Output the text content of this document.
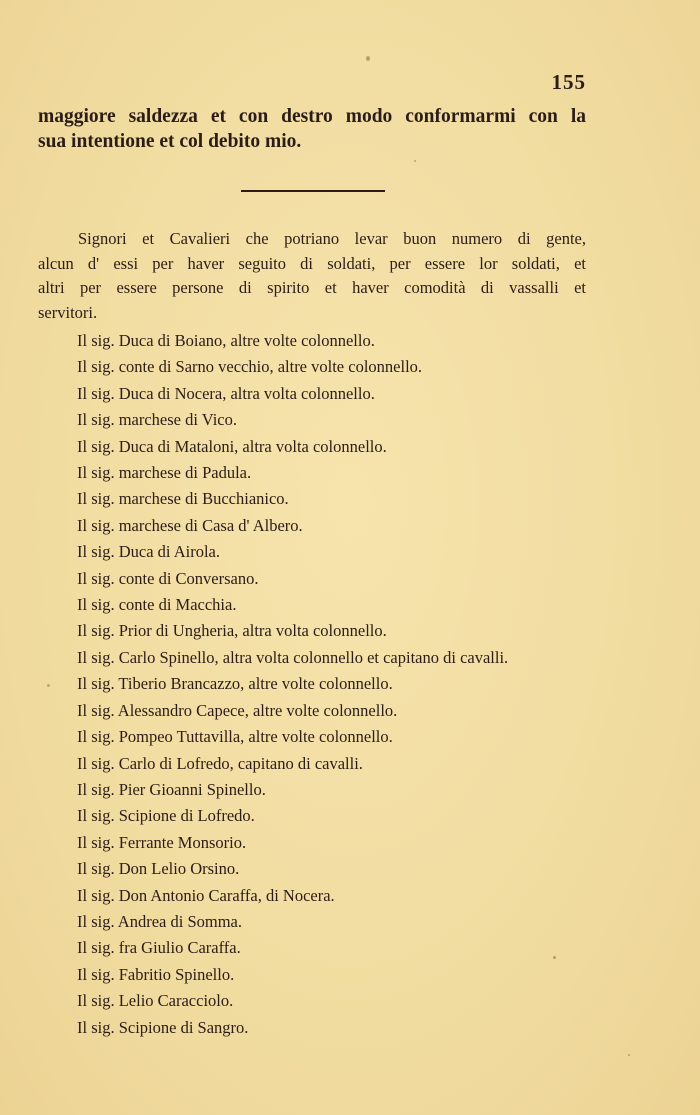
155
maggiore saldezza et con destro modo conformarmi con la
sua intentione et col debito mio.
Signori et Cavalieri che potriano levar buon numero di gente,
alcun d' essi per haver seguito di soldati, per essere lor soldati, et
altri per essere persone di spirito et haver comodità di vassalli et
servitori.
Il sig. Duca di Boiano, altre volte colonnello.
Il sig. conte di Sarno vecchio, altre volte colonnello.
Il sig. Duca di Nocera, altra volta colonnello.
Il sig. marchese di Vico.
Il sig. Duca di Mataloni, altra volta colonnello.
Il sig. marchese di Padula.
Il sig. marchese di Bucchianico.
Il sig. marchese di Casa d' Albero.
Il sig. Duca di Airola.
Il sig. conte di Conversano.
Il sig. conte di Macchia.
Il sig. Prior di Ungheria, altra volta colonnello.
Il sig. Carlo Spinello, altra volta colonnello et capitano di cavalli.
Il sig. Tiberio Brancazzo, altre volte colonnello.
Il sig. Alessandro Capece, altre volte colonnello.
Il sig. Pompeo Tuttavilla, altre volte colonnello.
Il sig. Carlo di Lofredo, capitano di cavalli.
Il sig. Pier Gioanni Spinello.
Il sig. Scipione di Lofredo.
Il sig. Ferrante Monsorio.
Il sig. Don Lelio Orsino.
Il sig. Don Antonio Caraffa, di Nocera.
Il sig. Andrea di Somma.
Il sig. fra Giulio Caraffa.
Il sig. Fabritio Spinello.
Il sig. Lelio Caracciolo.
Il sig. Scipione di Sangro.
